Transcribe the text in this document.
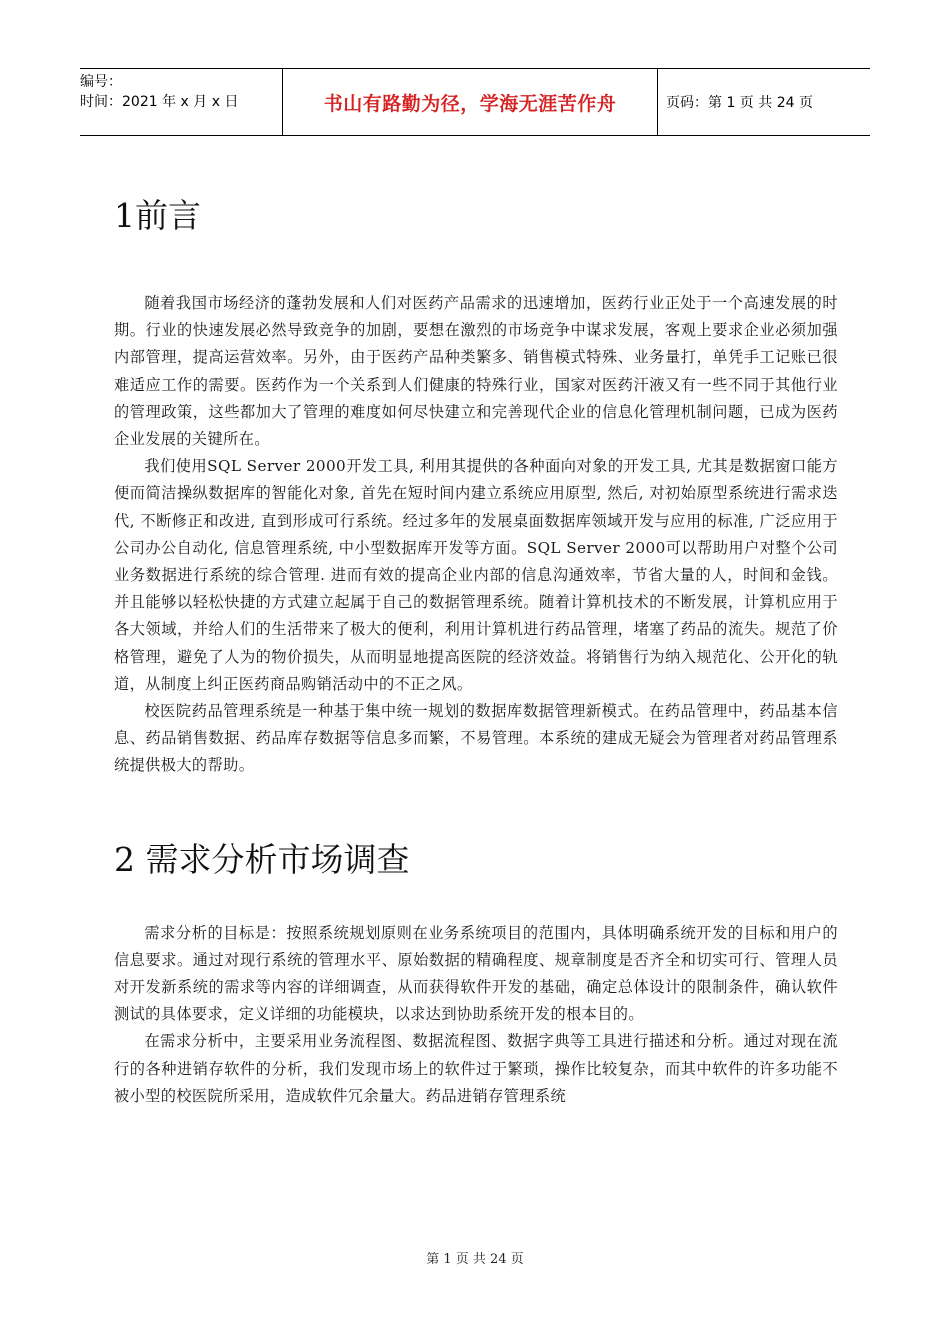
编号：
时间：2021 年 x 月 x 日	书山有路勤为径，学海无涯苦作舟	页码：第 1 页 共 24 页
1前言

随着我国市场经济的蓬勃发展和人们对医药产品需求的迅速增加，医药行业正处于一个高速发展的时期。行业的快速发展必然导致竞争的加剧，要想在激烈的市场竞争中谋求发展，客观上要求企业必须加强内部管理，提高运营效率。另外，由于医药产品种类繁多、销售模式特殊、业务量打，单凭手工记账已很难适应工作的需要。医药作为一个关系到人们健康的特殊行业，国家对医药汗液又有一些不同于其他行业的管理政策，这些都加大了管理的难度如何尽快建立和完善现代企业的信息化管理机制问题，已成为医药企业发展的关键所在。

我们使用SQL Server 2000开发工具, 利用其提供的各种面向对象的开发工具, 尤其是数据窗口能方便而简洁操纵数据库的智能化对象, 首先在短时间内建立系统应用原型, 然后, 对初始原型系统进行需求迭代, 不断修正和改进, 直到形成可行系统。经过多年的发展桌面数据库领域开发与应用的标准, 广泛应用于公司办公自动化, 信息管理系统, 中小型数据库开发等方面。SQL Server 2000可以帮助用户对整个公司业务数据进行系统的综合管理. 进而有效的提高企业内部的信息沟通效率，节省大量的人，时间和金钱。并且能够以轻松快捷的方式建立起属于自己的数据管理系统。随着计算机技术的不断发展，计算机应用于各大领域，并给人们的生活带来了极大的便利，利用计算机进行药品管理，堵塞了药品的流失。规范了价格管理，避免了人为的物价损失，从而明显地提高医院的经济效益。将销售行为纳入规范化、公开化的轨道，从制度上纠正医药商品购销活动中的不正之风。

校医院药品管理系统是一种基于集中统一规划的数据库数据管理新模式。在药品管理中，药品基本信息、药品销售数据、药品库存数据等信息多而繁，不易管理。本系统的建成无疑会为管理者对药品管理系统提供极大的帮助。

2 需求分析市场调查

需求分析的目标是：按照系统规划原则在业务系统项目的范围内，具体明确系统开发的目标和用户的信息要求。通过对现行系统的管理水平、原始数据的精确程度、规章制度是否齐全和切实可行、管理人员对开发新系统的需求等内容的详细调查，从而获得软件开发的基础，确定总体设计的限制条件，确认软件测试的具体要求，定义详细的功能模块，以求达到协助系统开发的根本目的。

在需求分析中，主要采用业务流程图、数据流程图、数据字典等工具进行描述和分析。通过对现在流行的各种进销存软件的分析，我们发现市场上的软件过于繁琐，操作比较复杂，而其中软件的许多功能不被小型的校医院所采用，造成软件冗余量大。药品进销存管理系统

第 1 页 共 24 页
